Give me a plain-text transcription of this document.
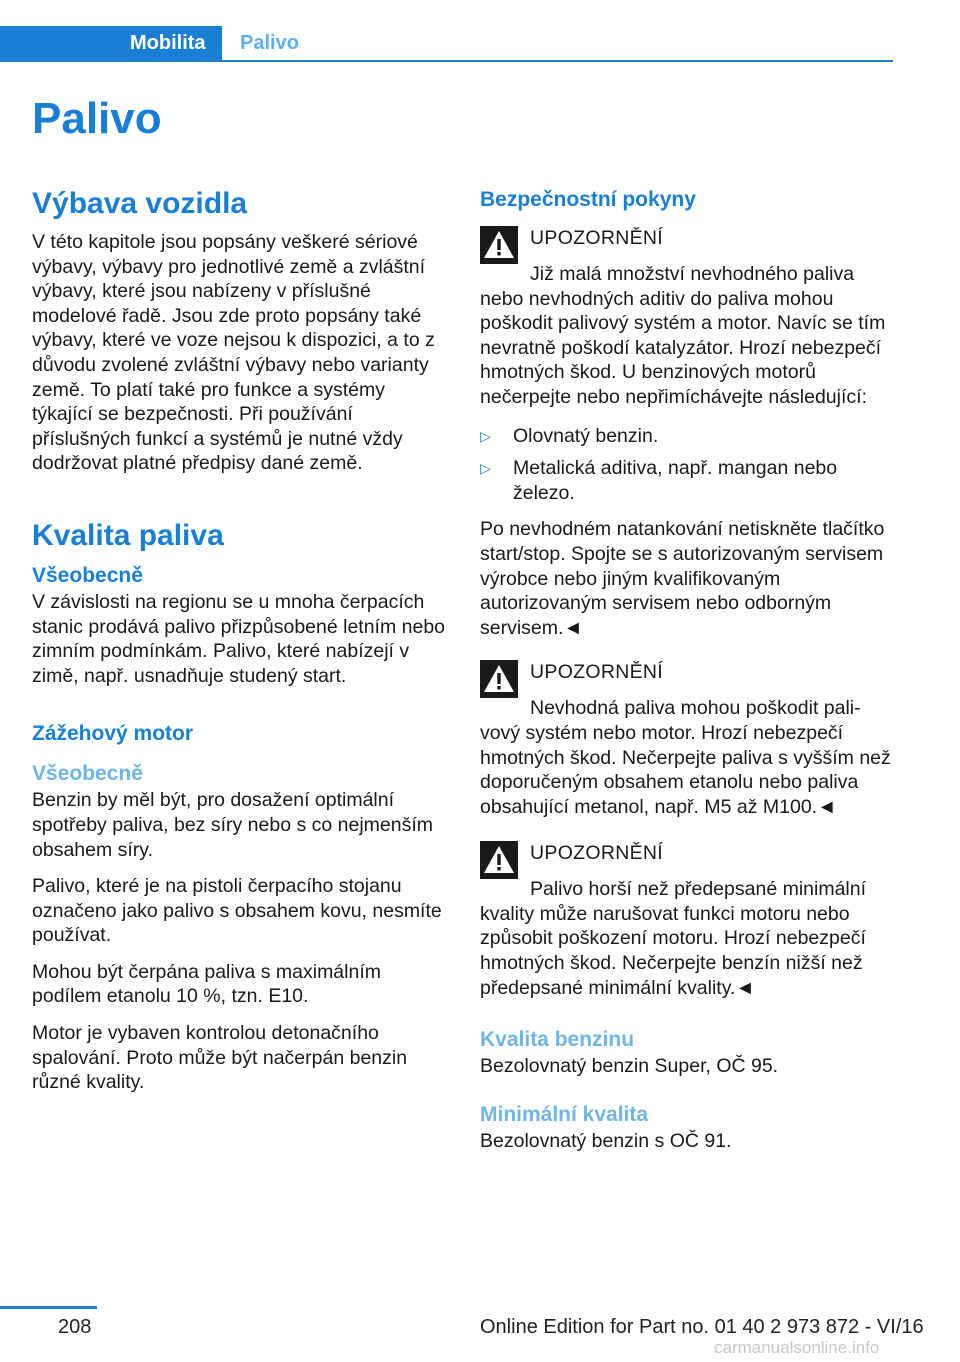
Mobilita	Palivo
Palivo
Výbava vozidla

V této kapitole jsou popsány veškeré sériové výbavy, výbavy pro jednotlivé země a zvláštní výbavy, které jsou nabízeny v příslušné modelové řadě. Jsou zde proto popsány také výbavy, které ve voze nejsou k dispozici, a to z důvodu zvolené zvláštní výbavy nebo varianty země. To platí také pro funkce a systémy týkající se bezpečnosti. Při používání příslušných funkcí a systémů je nutné vždy dodržovat platné předpisy dané země.

Kvalita paliva
Všeobecně

V závislosti na regionu se u mnoha čerpacích stanic prodává palivo přizpůsobené letním nebo zimním podmínkám. Palivo, které nabízejí v zimě, např. usnadňuje studený start.

Zážehový motor
Všeobecně

Benzin by měl být, pro dosažení optimální spotřeby paliva, bez síry nebo s co nejmenším obsahem síry.

Palivo, které je na pistoli čerpacího stojanu označeno jako palivo s obsahem kovu, nesmíte používat.

Mohou být čerpána paliva s maximálním podílem etanolu 10 %, tzn. E10.

Motor je vybaven kontrolou detonačního spalování. Proto může být načerpán benzin různé kvality.

Bezpečnostní pokyny
UPOZORNĚNÍ
Již malá množství nevhodného paliva
nebo nevhodných aditiv do paliva mohou poškodit palivový systém a motor. Navíc se tím nevratně poškodí katalyzátor. Hrozí nebezpečí hmotných škod. U benzinových motorů nečerpejte nebo nepřimíchávejte následující:
▷ Olovnatý benzin.
▷ Metalická aditiva, např. mangan nebo železo.

Po nevhodném natankování netiskněte tlačítko start/stop. Spojte se s autorizovaným servisem výrobce nebo jiným kvalifikovaným autorizovaným servisem nebo odborným servisem.◄

UPOZORNĚNÍ
Nevhodná paliva mohou poškodit pali-
vový systém nebo motor. Hrozí nebezpečí hmotných škod. Nečerpejte paliva s vyšším než doporučeným obsahem etanolu nebo paliva obsahující metanol, např. M5 až M100.◄
UPOZORNĚNÍ
Palivo horší než předepsané minimální
kvality může narušovat funkci motoru nebo způsobit poškození motoru. Hrozí nebezpečí hmotných škod. Nečerpejte benzín nižší než předepsané minimální kvality.◄
Kvalita benzinu

Bezolovnatý benzin Super, OČ 95.

Minimální kvalita

Bezolovnatý benzin s OČ 91.

208	Online Edition for Part no. 01 40 2 973 872 - VI/16
carmanualsonline.info
